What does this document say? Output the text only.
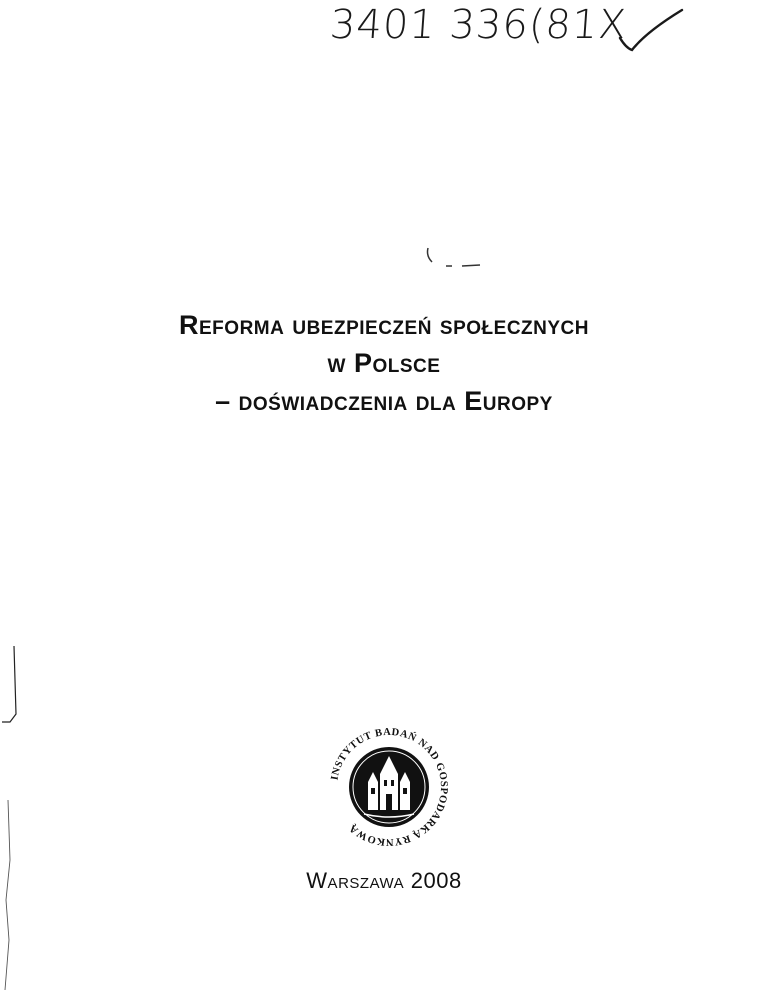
3401 336(81X
Reforma ubezpieczeń społecznych
w Polsce
– doświadczenia dla Europy
INSTYTUT BADAŃ NAD GOSPODARKĄ RYNKOWĄ
Warszawa 2008
